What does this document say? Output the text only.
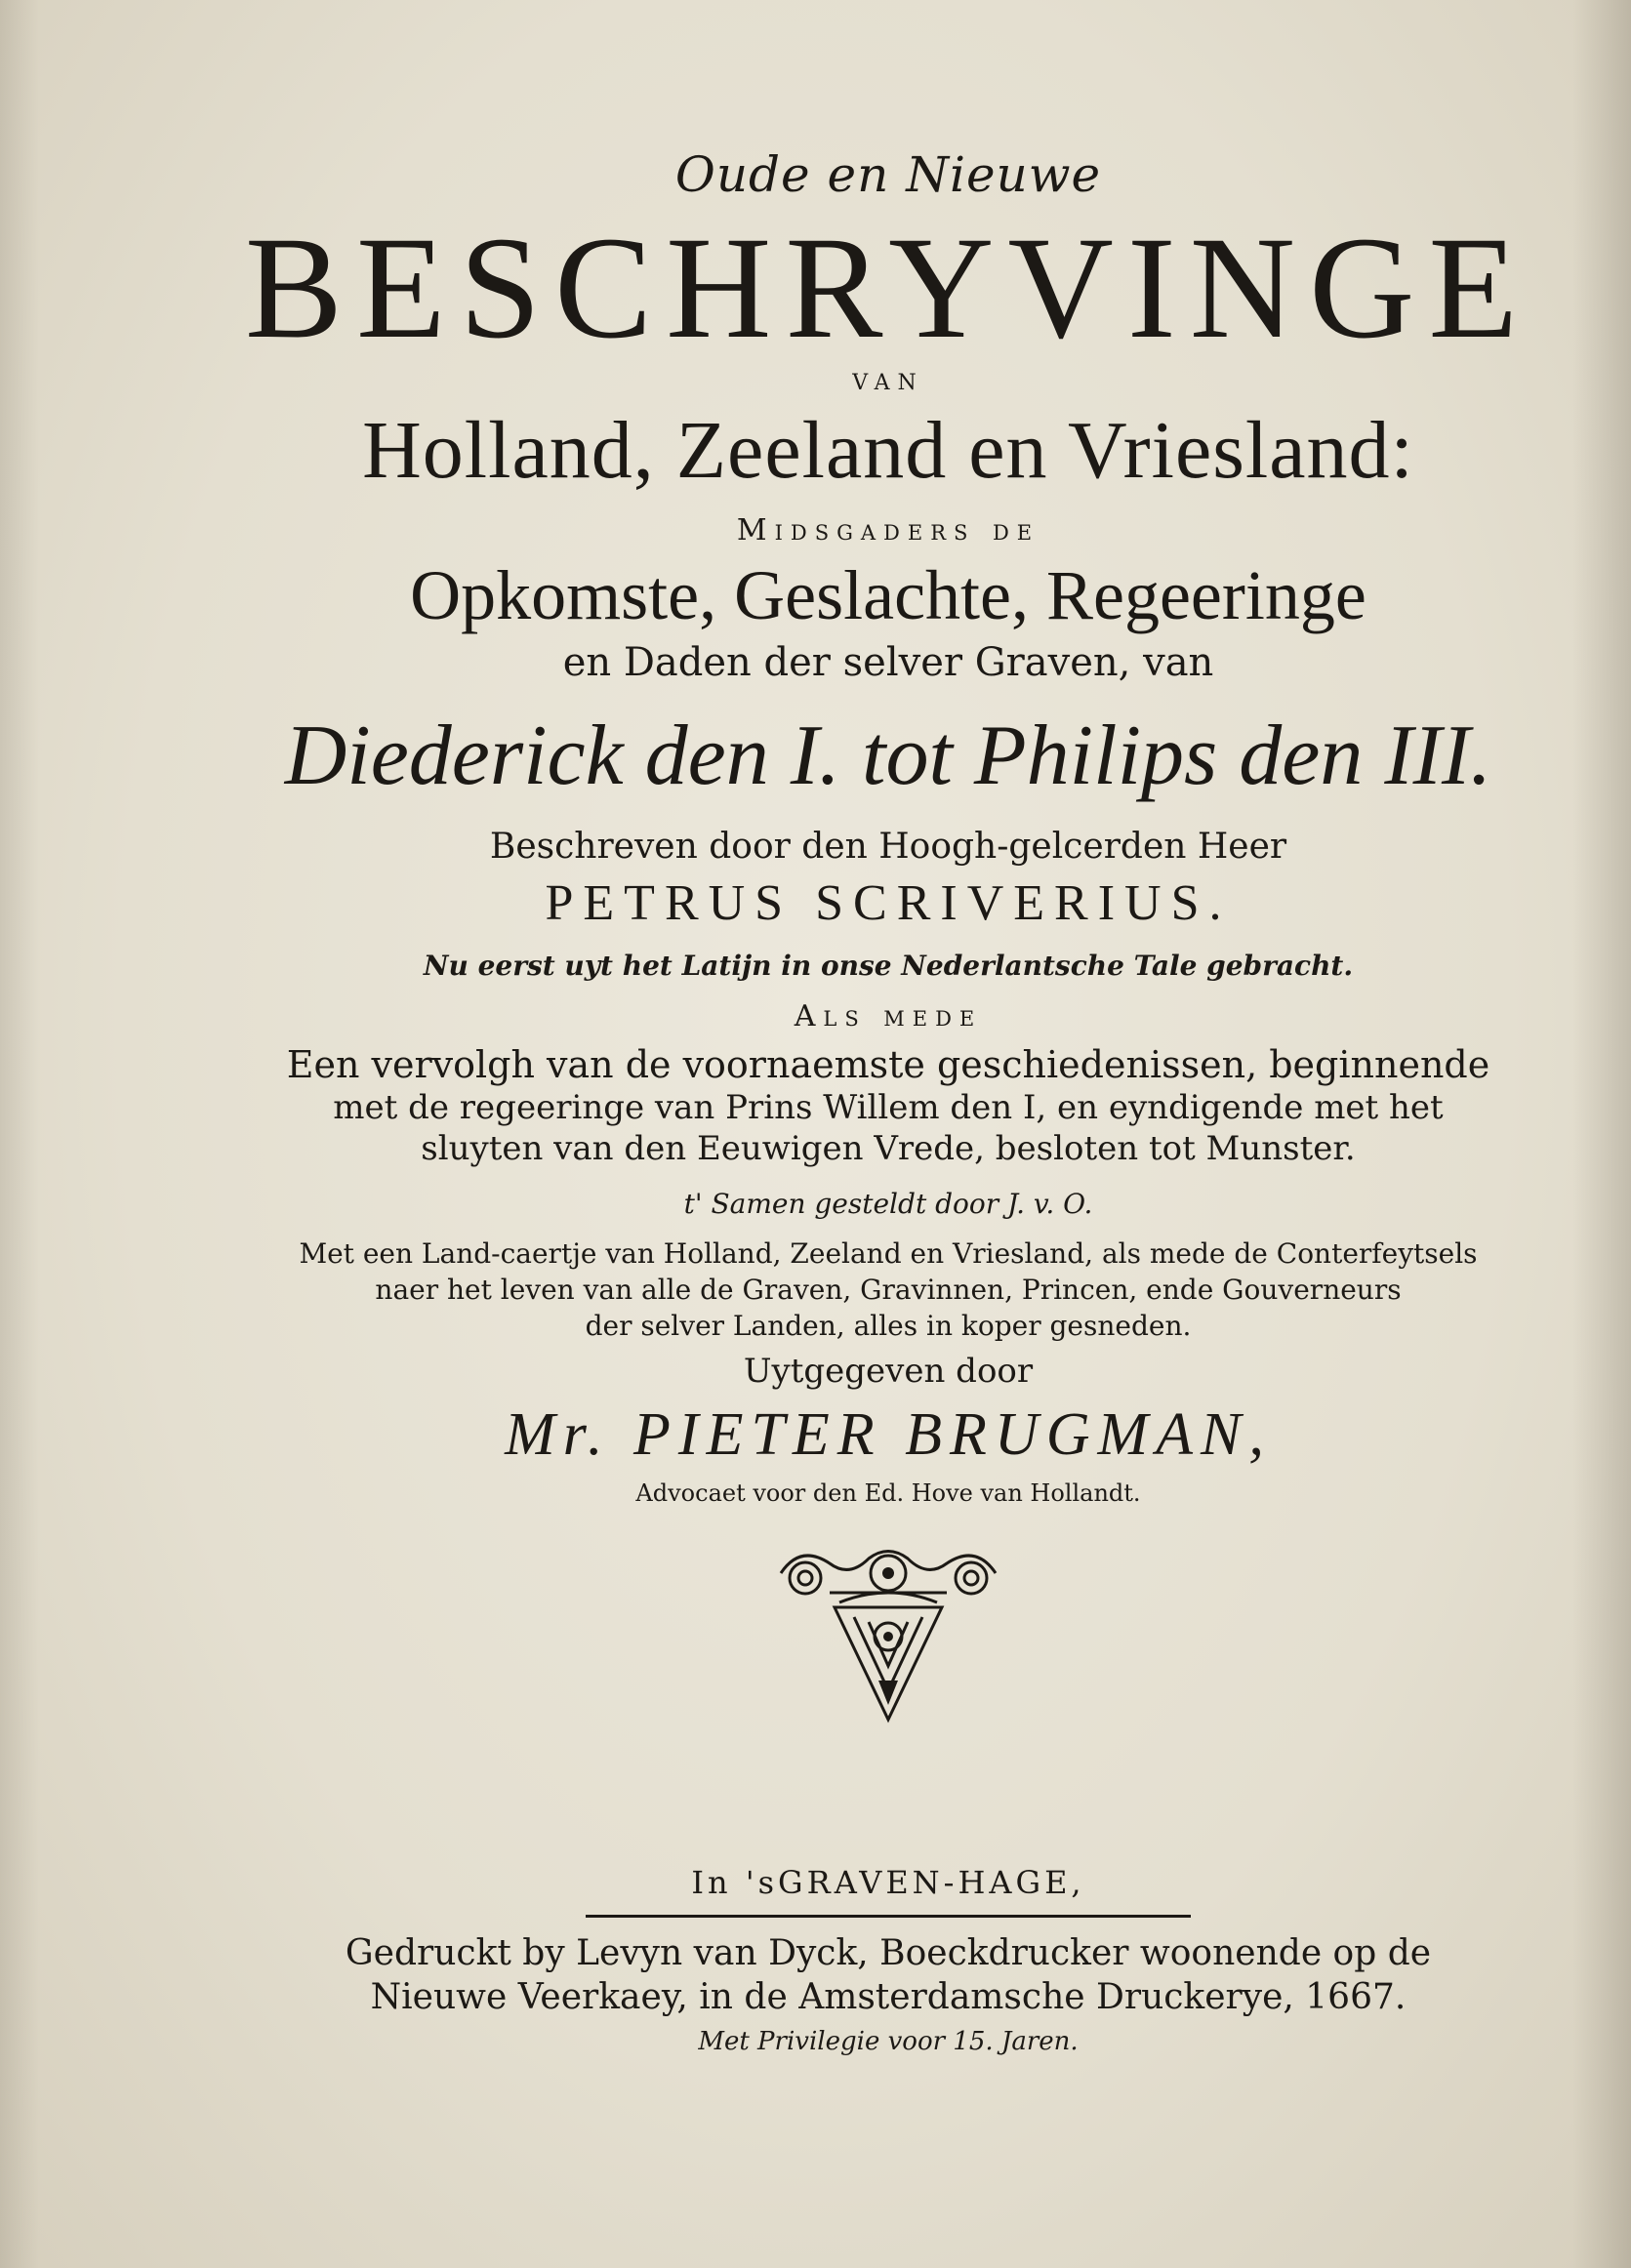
Oude en Nieuwe
BESCHRYVINGE
VAN
Holland, Zeeland en Vriesland:
Midsgaders de
Opkomste, Geslachte, Regeeringe
en Daden der selver Graven, van
Diederick den I. tot Philips den III.
Beschreven door den Hoogh-gelcerden Heer
PETRUS SCRIVERIUS.
Nu eerst uyt het Latijn in onse Nederlantsche Tale gebracht.
Als mede
Een vervolgh van de voornaemste geschiedenissen, beginnende
met de regeeringe van Prins Willem den I, en eyndigende met het
sluyten van den Eeuwigen Vrede, besloten tot Munster.
t' Samen gesteldt door J. v. O.
Met een Land-caertje van Holland, Zeeland en Vriesland, als mede de Conterfeytsels
naer het leven van alle de Graven, Gravinnen, Princen, ende Gouverneurs
der selver Landen, alles in koper gesneden.
Uytgegeven door
Mr. PIETER BRUGMAN,
Advocaet voor den Ed. Hove van Hollandt.
In 'sGRAVEN-HAGE,
Gedruckt by Levyn van Dyck, Boeckdrucker woonende op de
Nieuwe Veerkaey, in de Amsterdamsche Druckerye, 1667.
Met Privilegie voor 15. Jaren.
